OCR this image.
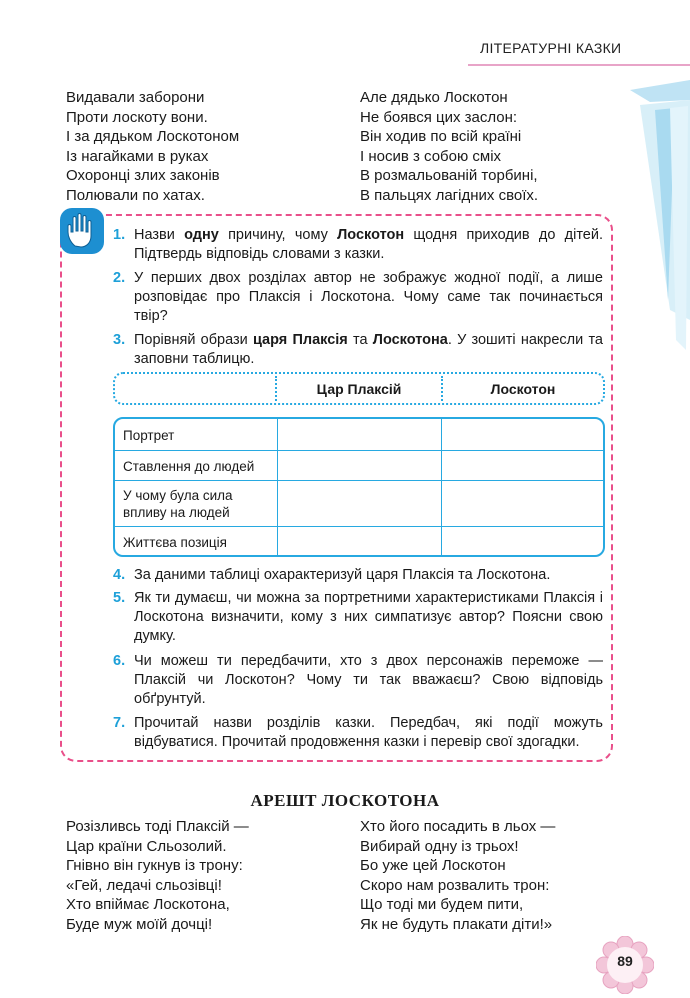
ЛІТЕРАТУРНІ КАЗКИ
Видавали заборони
Проти лоскоту вони.
І за дядьком Лоскотоном
Із нагайками в руках
Охоронці злих законів
Полювали по хатах.
Але дядько Лоскотон
Не боявся цих заслон:
Він ходив по всій країні
І носив з собою сміх
В розмальованій торбині,
В пальцях лагідних своїх.
1. Назви одну причину, чому Лоскотон щодня приходив до дітей. Підтвердь відповідь словами з казки.
2. У перших двох розділах автор не зображує жодної події, а лише розповідає про Плаксія і Лоскотона. Чому саме так починається твір?
3. Порівняй образи царя Плаксія та Лоскотона. У зошиті накресли та заповни таблицю.
Цар Плаксій	Лоскотон
Портрет
Ставлення до людей
У чому була сила впливу на людей
Життєва позиція
4. За даними таблиці охарактеризуй царя Плаксія та Лоскотона.
5. Як ти думаєш, чи можна за портретними характеристиками Плаксія і Лоскотона визначити, кому з них симпатизує автор? Поясни свою думку.
6. Чи можеш ти передбачити, хто з двох персонажів переможе — Плаксій чи Лоскотон? Чому ти так вважаєш? Свою відповідь обґрунтуй.
7. Прочитай назви розділів казки. Передбач, які події можуть відбуватися. Прочитай продовження казки і перевір свої здогадки.
АРЕШТ ЛОСКОТОНА
Розізливсь тоді Плаксій —
Цар країни Сльозолий.
Гнівно він гукнув із трону:
«Гей, ледачі сльозівці!
Хто впіймає Лоскотона,
Буде муж моїй дочці!
Хто його посадить в льох —
Вибирай одну із трьох!
Бо уже цей Лоскотон
Скоро нам розвалить трон:
Що тоді ми будем пити,
Як не будуть плакати діти!»
89
